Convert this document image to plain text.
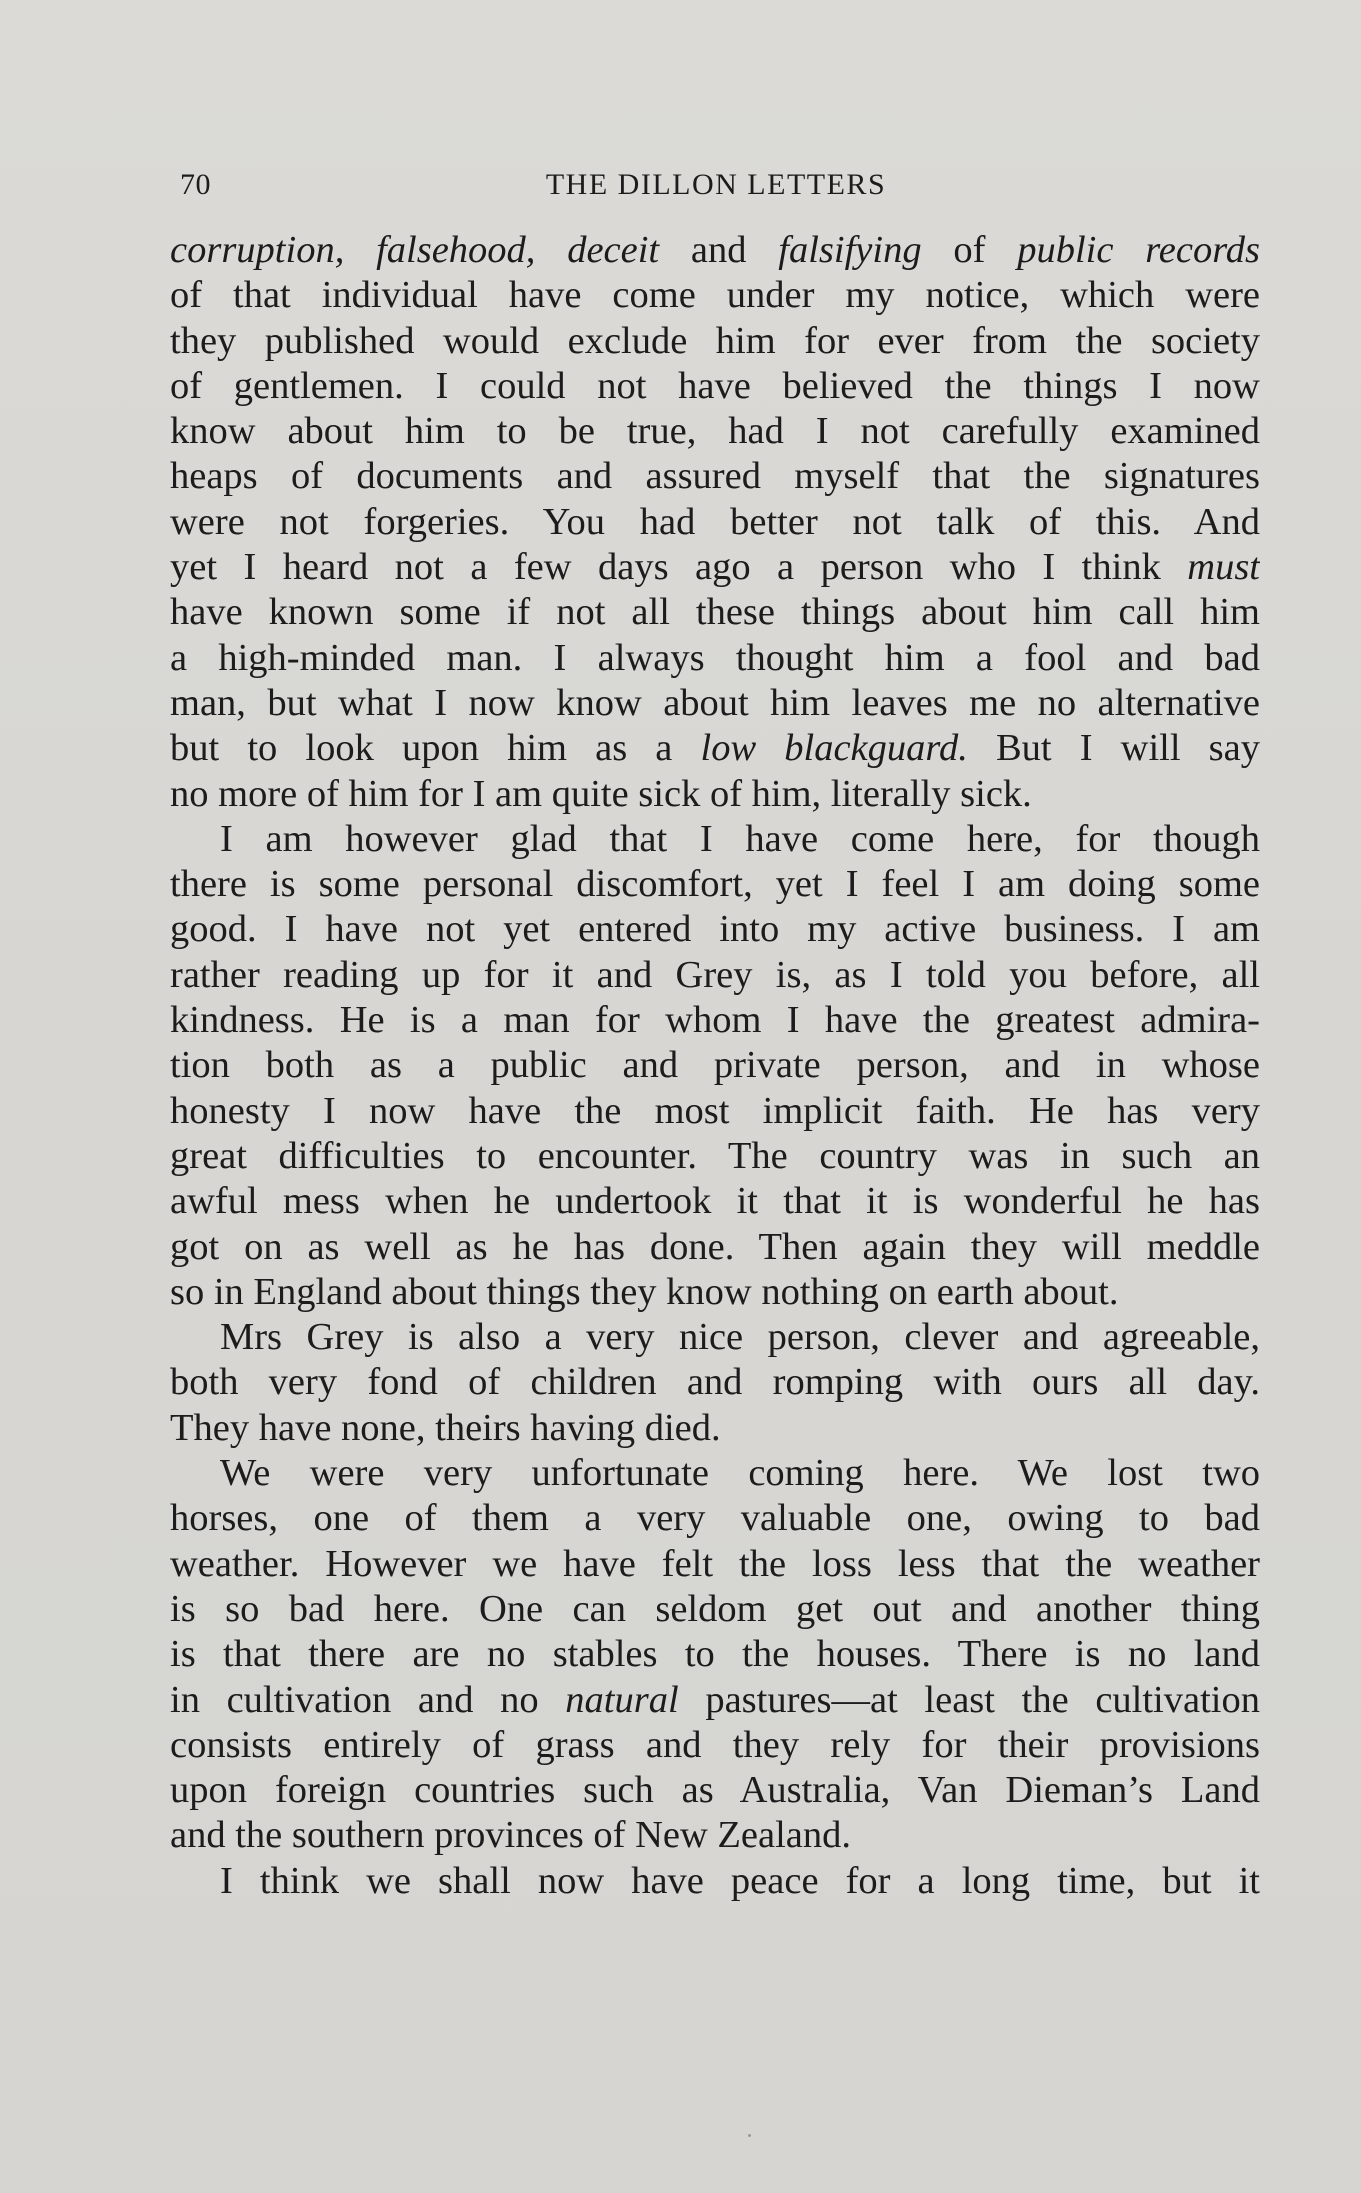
70	THE DILLON LETTERS
corruption, falsehood, deceit and falsifying of public records
of that individual have come under my notice, which were
they published would exclude him for ever from the society
of gentlemen. I could not have believed the things I now
know about him to be true, had I not carefully examined
heaps of documents and assured myself that the signatures
were not forgeries. You had better not talk of this. And
yet I heard not a few days ago a person who I think must
have known some if not all these things about him call him
a high-minded man. I always thought him a fool and bad
man, but what I now know about him leaves me no alternative
but to look upon him as a low blackguard. But I will say
no more of him for I am quite sick of him, literally sick.
I am however glad that I have come here, for though
there is some personal discomfort, yet I feel I am doing some
good. I have not yet entered into my active business. I am
rather reading up for it and Grey is, as I told you before, all
kindness. He is a man for whom I have the greatest admira-
tion both as a public and private person, and in whose
honesty I now have the most implicit faith. He has very
great difficulties to encounter. The country was in such an
awful mess when he undertook it that it is wonderful he has
got on as well as he has done. Then again they will meddle
so in England about things they know nothing on earth about.
Mrs Grey is also a very nice person, clever and agreeable,
both very fond of children and romping with ours all day.
They have none, theirs having died.
We were very unfortunate coming here. We lost two
horses, one of them a very valuable one, owing to bad
weather. However we have felt the loss less that the weather
is so bad here. One can seldom get out and another thing
is that there are no stables to the houses. There is no land
in cultivation and no natural pastures—at least the cultivation
consists entirely of grass and they rely for their provisions
upon foreign countries such as Australia, Van Dieman’s Land
and the southern provinces of New Zealand.
I think we shall now have peace for a long time, but it
